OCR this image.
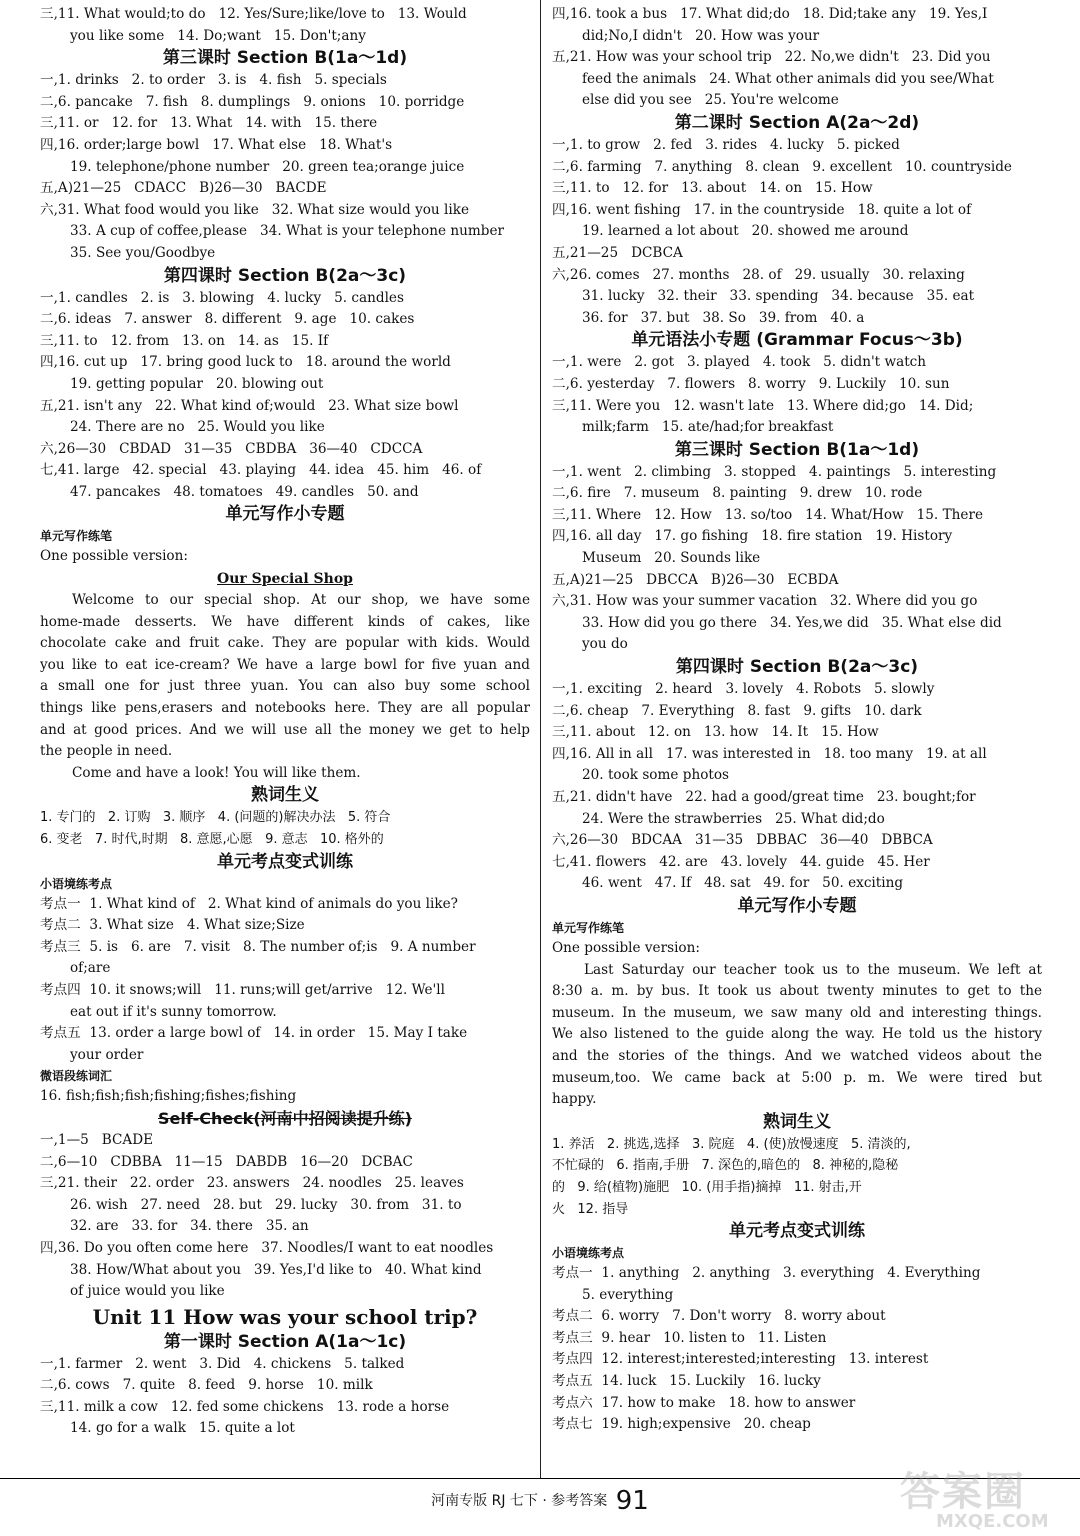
三,11. What would;to do   12. Yes/Sure;like/love to   13. Would
you like some   14. Do;want   15. Don't;any
第三课时 Section B(1a～1d)
一,1. drinks   2. to order   3. is   4. fish   5. specials
二,6. pancake   7. fish   8. dumplings   9. onions   10. porridge
三,11. or   12. for   13. What   14. with   15. there
四,16. order;large bowl   17. What else   18. What's
19. telephone/phone number   20. green tea;orange juice
五,A)21—25   CDACC   B)26—30   BACDE
六,31. What food would you like   32. What size would you like
33. A cup of coffee,please   34. What is your telephone number
35. See you/Goodbye
第四课时 Section B(2a～3c)
一,1. candles   2. is   3. blowing   4. lucky   5. candles
二,6. ideas   7. answer   8. different   9. age   10. cakes
三,11. to   12. from   13. on   14. as   15. If
四,16. cut up   17. bring good luck to   18. around the world
19. getting popular   20. blowing out
五,21. isn't any   22. What kind of;would   23. What size bowl
24. There are no   25. Would you like
六,26—30   CBDAD   31—35   CBDBA   36—40   CDCCA
七,41. large   42. special   43. playing   44. idea   45. him   46. of
47. pancakes   48. tomatoes   49. candles   50. and
单元写作小专题
单元写作练笔
One possible version:
Our Special Shop
Welcome to our special shop. At our shop, we have some
home-made desserts. We have different kinds of cakes, like
chocolate cake and fruit cake. They are popular with kids. Would
you like to eat ice-cream? We have a large bowl for five yuan and
a small one for just three yuan. You can also buy some school
things like pens,erasers and notebooks here. They are all popular
and at good prices. And we will use all the money we get to help
the people in need.
Come and have a look! You will like them.
熟词生义
1. 专门的   2. 订购   3. 顺序   4. (问题的)解决办法   5. 符合
6. 变老   7. 时代,时期   8. 意愿,心愿   9. 意志   10. 格外的
单元考点变式训练
小语境练考点
考点一  1. What kind of   2. What kind of animals do you like?
考点二  3. What size   4. What size;Size
考点三  5. is   6. are   7. visit   8. The number of;is   9. A number
of;are
考点四  10. it snows;will   11. runs;will get/arrive   12. We'll
eat out if it's sunny tomorrow.
考点五  13. order a large bowl of   14. in order   15. May I take
your order
微语段练词汇
16. fish;fish;fish;fishing;fishes;fishing
Self-Check(河南中招阅读提升练)
一,1—5   BCADE
二,6—10   CDBBA   11—15   DABDB   16—20   DCBAC
三,21. their   22. order   23. answers   24. noodles   25. leaves
26. wish   27. need   28. but   29. lucky   30. from   31. to
32. are   33. for   34. there   35. an
四,36. Do you often come here   37. Noodles/I want to eat noodles
38. How/What about you   39. Yes,I'd like to   40. What kind
of juice would you like
Unit 11 How was your school trip?
第一课时 Section A(1a～1c)
一,1. farmer   2. went   3. Did   4. chickens   5. talked
二,6. cows   7. quite   8. feed   9. horse   10. milk
三,11. milk a cow   12. fed some chickens   13. rode a horse
14. go for a walk   15. quite a lot
四,16. took a bus   17. What did;do   18. Did;take any   19. Yes,I
did;No,I didn't   20. How was your
五,21. How was your school trip   22. No,we didn't   23. Did you
feed the animals   24. What other animals did you see/What
else did you see   25. You're welcome
第二课时 Section A(2a～2d)
一,1. to grow   2. fed   3. rides   4. lucky   5. picked
二,6. farming   7. anything   8. clean   9. excellent   10. countryside
三,11. to   12. for   13. about   14. on   15. How
四,16. went fishing   17. in the countryside   18. quite a lot of
19. learned a lot about   20. showed me around
五,21—25   DCBCA
六,26. comes   27. months   28. of   29. usually   30. relaxing
31. lucky   32. their   33. spending   34. because   35. eat
36. for   37. but   38. So   39. from   40. a
单元语法小专题 (Grammar Focus～3b)
一,1. were   2. got   3. played   4. took   5. didn't watch
二,6. yesterday   7. flowers   8. worry   9. Luckily   10. sun
三,11. Were you   12. wasn't late   13. Where did;go   14. Did;
milk;farm   15. ate/had;for breakfast
第三课时 Section B(1a～1d)
一,1. went   2. climbing   3. stopped   4. paintings   5. interesting
二,6. fire   7. museum   8. painting   9. drew   10. rode
三,11. Where   12. How   13. so/too   14. What/How   15. There
四,16. all day   17. go fishing   18. fire station   19. History
Museum   20. Sounds like
五,A)21—25   DBCCA   B)26—30   ECBDA
六,31. How was your summer vacation   32. Where did you go
33. How did you go there   34. Yes,we did   35. What else did
you do
第四课时 Section B(2a～3c)
一,1. exciting   2. heard   3. lovely   4. Robots   5. slowly
二,6. cheap   7. Everything   8. fast   9. gifts   10. dark
三,11. about   12. on   13. how   14. It   15. How
四,16. All in all   17. was interested in   18. too many   19. at all
20. took some photos
五,21. didn't have   22. had a good/great time   23. bought;for
24. Were the strawberries   25. What did;do
六,26—30   BDCAA   31—35   DBBAC   36—40   DBBCA
七,41. flowers   42. are   43. lovely   44. guide   45. Her
46. went   47. If   48. sat   49. for   50. exciting
单元写作小专题
单元写作练笔
One possible version:
Last Saturday our teacher took us to the museum. We left at
8:30 a. m. by bus. It took us about twenty minutes to get to the
museum. In the museum, we saw many old and interesting things.
We also listened to the guide along the way. He told us the history
and the stories of the things. And we watched videos about the
museum,too. We came back at 5:00 p. m. We were tired but
happy.
熟词生义
1. 养活   2. 挑选,选择   3. 院庭   4. (使)放慢速度   5. 清淡的,
不忙碌的   6. 指南,手册   7. 深色的,暗色的   8. 神秘的,隐秘
的   9. 给(植物)施肥   10. (用手指)摘掉   11. 射击,开
火   12. 指导
单元考点变式训练
小语境练考点
考点一  1. anything   2. anything   3. everything   4. Everything
5. everything
考点二  6. worry   7. Don't worry   8. worry about
考点三  9. hear   10. listen to   11. Listen
考点四  12. interest;interested;interesting   13. interest
考点五  14. luck   15. Luckily   16. lucky
考点六  17. how to make   18. how to answer
考点七  19. high;expensive   20. cheap
河南专版 RJ 七下 · 参考答案 91	答案圈
MXQE.COM
